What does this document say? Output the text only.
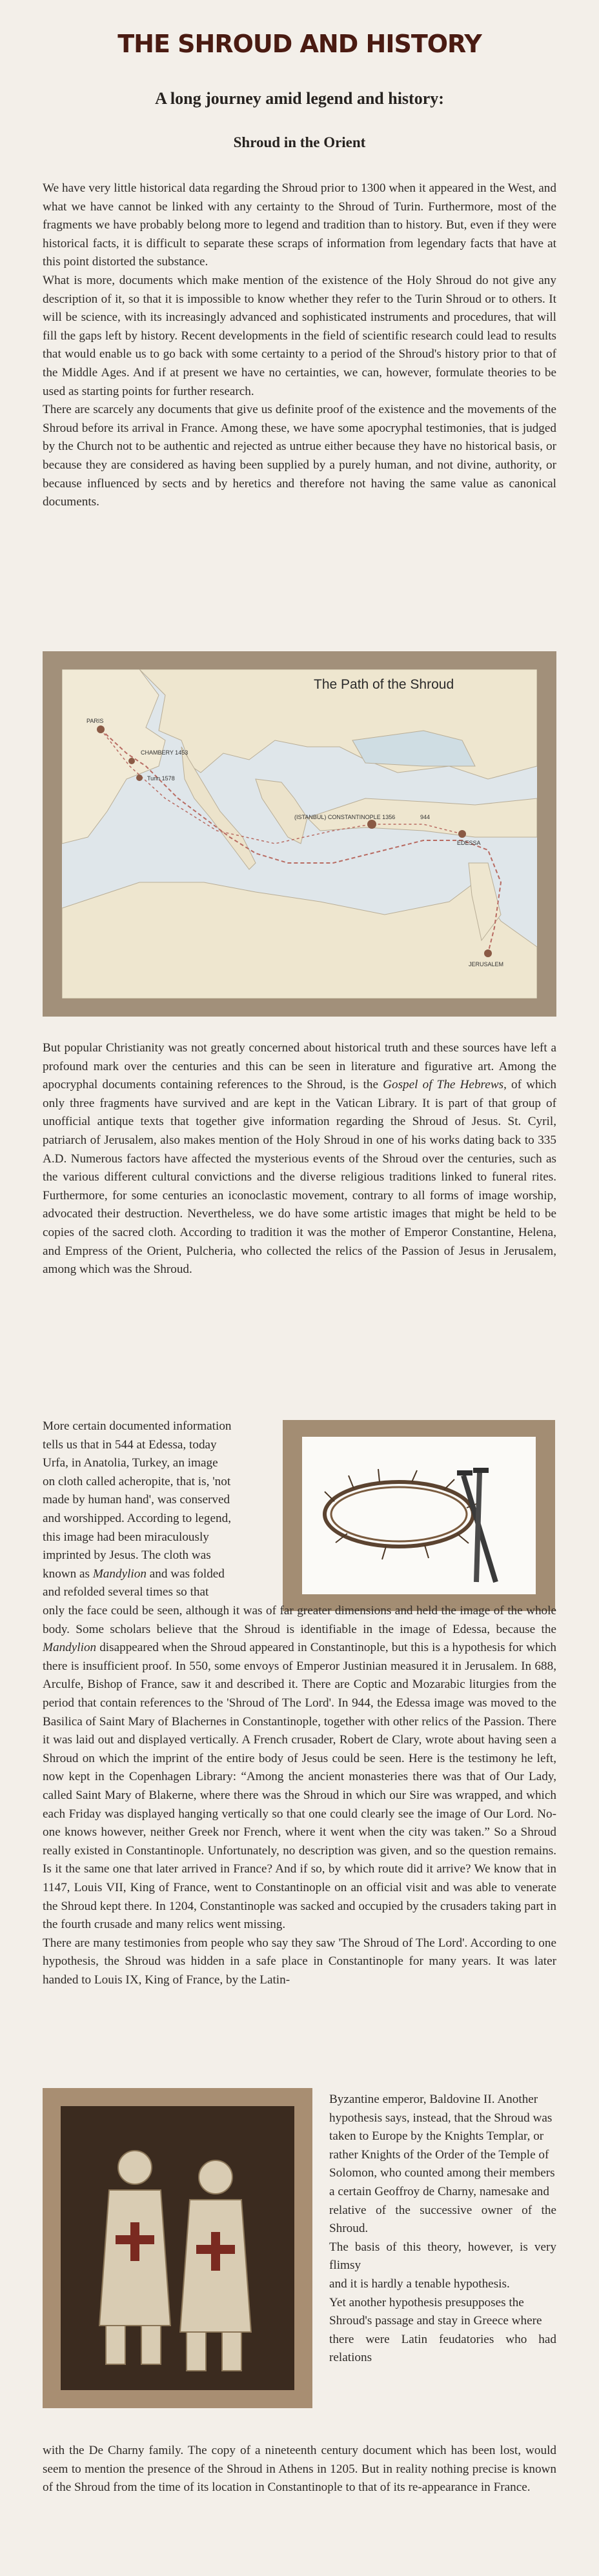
THE SHROUD AND HISTORY
A long journey amid legend and history:
Shroud in the Orient

We have very little historical data regarding the Shroud prior to 1300 when it appeared in the West, and what we have cannot be linked with any certainty to the Shroud of Turin. Furthermore, most of the fragments we have probably belong more to legend and tradition than to history. But, even if they were historical facts, it is difficult to separate these scraps of information from legendary facts that have at this point distorted the substance.

What is more, documents which make mention of the existence of the Holy Shroud do not give any description of it, so that it is impossible to know whether they refer to the Turin Shroud or to others. It will be science, with its increasingly advanced and sophisticated instruments and procedures, that will fill the gaps left by history. Recent developments in the field of scientific research could lead to results that would enable us to go back with some certainty to a period of the Shroud's history prior to that of the Middle Ages. And if at present we have no certainties, we can, however, formulate theories to be used as starting points for further research.

There are scarcely any documents that give us definite proof of the existence and the movements of the Shroud before its arrival in France. Among these, we have some apocryphal testimonies, that is judged by the Church not to be authentic and rejected as untrue either because they have no historical basis, or because they are considered as having been supplied by a purely human, and not divine, authority, or because influenced by sects and by heretics and therefore not having the same value as canonical documents.

PARIS
CHAMBERY 1453
Turin 1578
(ISTANBUL) CONSTANTINOPLE 1356	944
EDESSA
JERUSALEM
The Path of the Shroud

But popular Christianity was not greatly concerned about historical truth and these sources have left a profound mark over the centuries and this can be seen in literature and figurative art. Among the apocryphal documents containing references to the Shroud, is the Gospel of The Hebrews, of which only three fragments have survived and are kept in the Vatican Library. It is part of that group of unofficial antique texts that together give information regarding the Shroud of Jesus. St. Cyril, patriarch of Jerusalem, also makes mention of the Holy Shroud in one of his works dating back to 335 A.D. Numerous factors have affected the mysterious events of the Shroud over the centuries, such as the various different cultural convictions and the diverse religious traditions linked to funeral rites. Furthermore, for some centuries an iconoclastic movement, contrary to all forms of image worship, advocated their destruction. Nevertheless, we do have some artistic images that might be held to be copies of the sacred cloth. According to tradition it was the mother of Emperor Constantine, Helena, and Empress of the Orient, Pulcheria, who collected the relics of the Passion of Jesus in Jerusalem, among which was the Shroud.

More certain documented information

tells us that in 544 at Edessa, today

Urfa, in Anatolia, Turkey, an image

on cloth called acheropite, that is, 'not

made by human hand', was conserved

and worshipped. According to legend,

this image had been miraculously

imprinted by Jesus. The cloth was

known as Mandylion and was folded

and refolded several times so that

only the face could be seen, although it was of far greater dimensions and held the image of the whole body. Some scholars believe that the Shroud is identifiable in the image of Edessa, because the Mandylion disappeared when the Shroud appeared in Constantinople, but this is a hypothesis for which there is insufficient proof. In 550, some envoys of Emperor Justinian measured it in Jerusalem. In 688, Arculfe, Bishop of France, saw it and described it. There are Coptic and Mozarabic liturgies from the period that contain references to the 'Shroud of The Lord'. In 944, the Edessa image was moved to the Basilica of Saint Mary of Blachernes in Constantinople, together with other relics of the Passion. There it was laid out and displayed vertically. A French crusader, Robert de Clary, wrote about having seen a Shroud on which the imprint of the entire body of Jesus could be seen. Here is the testimony he left, now kept in the Copenhagen Library: “Among the ancient monasteries there was that of Our Lady, called Saint Mary of Blakerne, where there was the Shroud in which our Sire was wrapped, and which each Friday was displayed hanging vertically so that one could clearly see the image of Our Lord. No-one knows however, neither Greek nor French, where it went when the city was taken.” So a Shroud really existed in Constantinople. Unfortunately, no description was given, and so the question remains. Is it the same one that later arrived in France? And if so, by which route did it arrive? We know that in 1147, Louis VII, King of France, went to Constantinople on an official visit and was able to venerate the Shroud kept there. In 1204, Constantinople was sacked and occupied by the crusaders taking part in the fourth crusade and many relics went missing.

There are many testimonies from people who say they saw 'The Shroud of The Lord'. According to one hypothesis, the Shroud was hidden in a safe place in Constantinople for many years. It was later handed to Louis IX, King of France, by the Latin-

Byzantine emperor, Baldovine II. Another

hypothesis says, instead, that the Shroud was

taken to Europe by the Knights Templar, or

rather Knights of the Order of the Temple of

Solomon, who counted among their members

a certain Geoffroy de Charny, namesake and

relative of the successive owner of the Shroud.

The basis of this theory, however, is very flimsy

and it is hardly a tenable hypothesis.

Yet another hypothesis presupposes the

Shroud's passage and stay in Greece where

there were Latin feudatories who had relations

with the De Charny family. The copy of a nineteenth century document which has been lost, would seem to mention the presence of the Shroud in Athens in 1205. But in reality nothing precise is known of the Shroud from the time of its location in Constantinople to that of its re-appearance in France.
